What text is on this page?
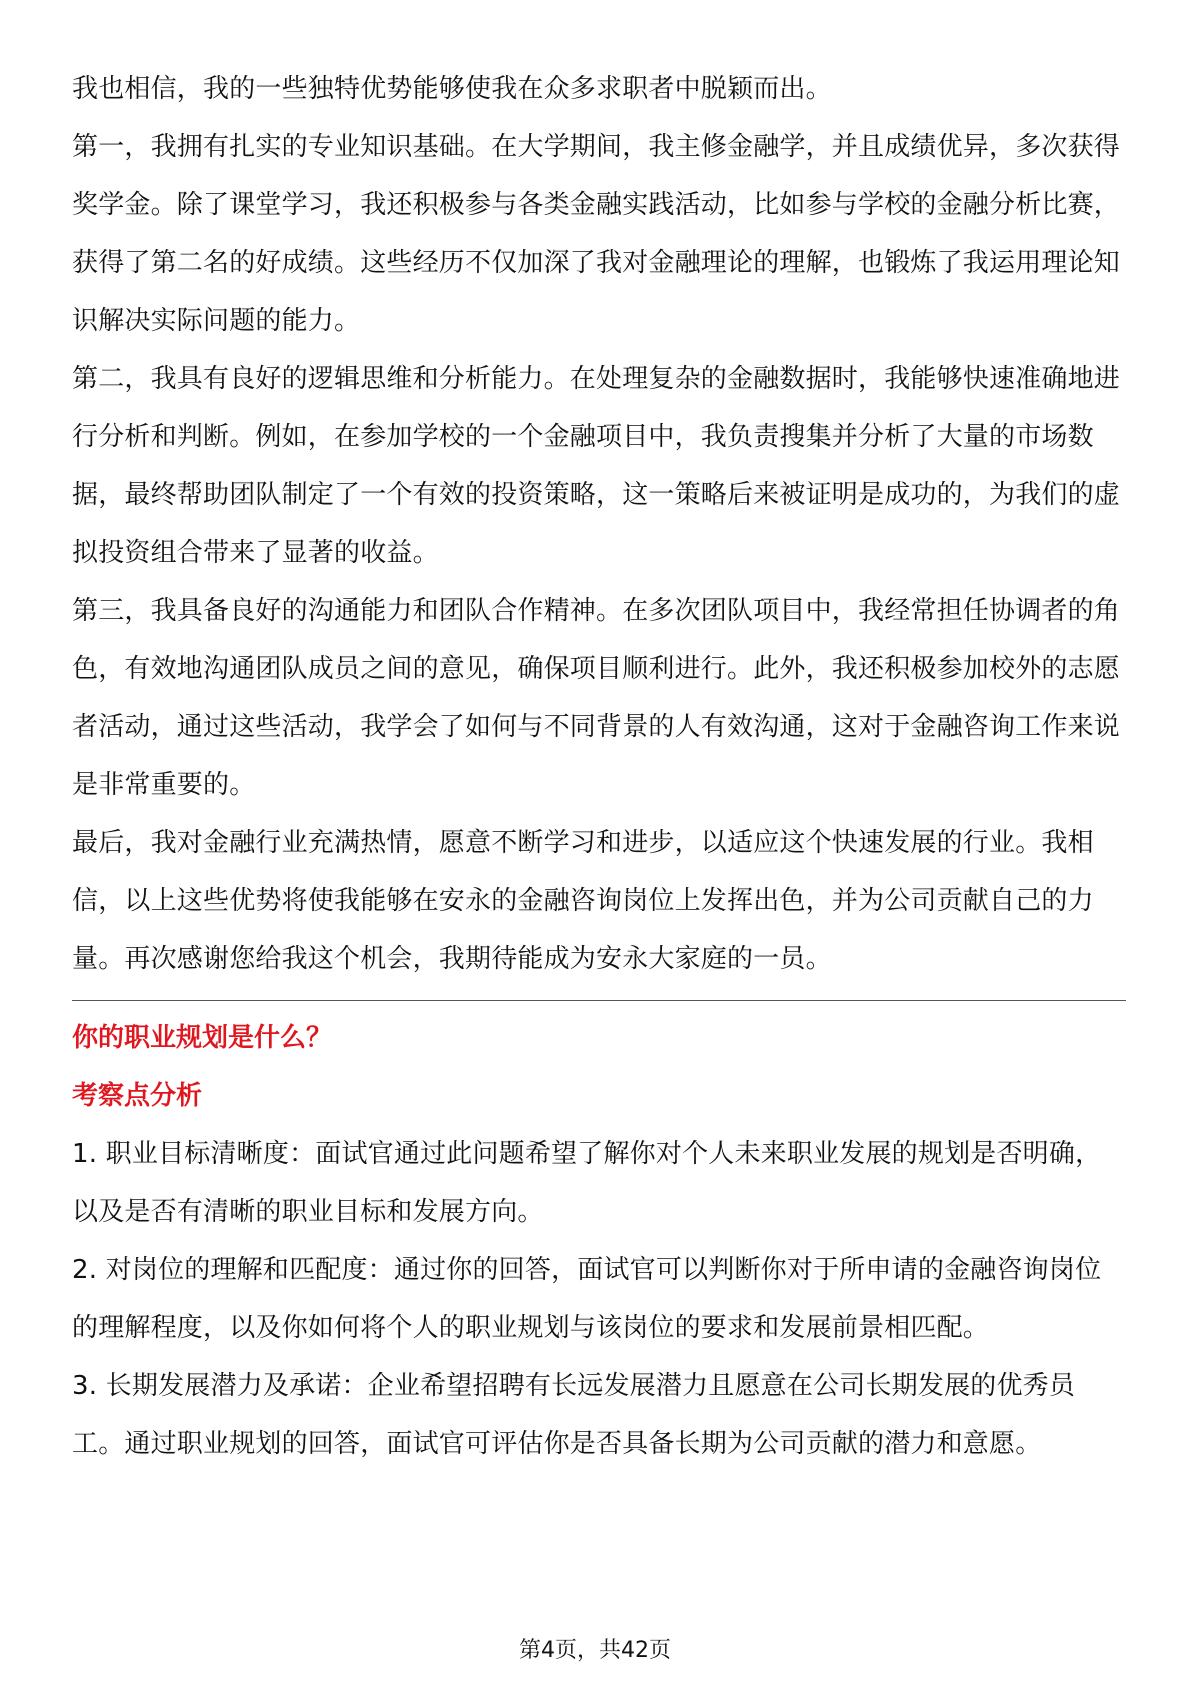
我也相信，我的一些独特优势能够使我在众多求职者中脱颖而出。

第一，我拥有扎实的专业知识基础。在大学期间，我主修金融学，并且成绩优异，多次获得奖学金。除了课堂学习，我还积极参与各类金融实践活动，比如参与学校的金融分析比赛，获得了第二名的好成绩。这些经历不仅加深了我对金融理论的理解，也锻炼了我运用理论知识解决实际问题的能力。

第二，我具有良好的逻辑思维和分析能力。在处理复杂的金融数据时，我能够快速准确地进行分析和判断。例如，在参加学校的一个金融项目中，我负责搜集并分析了大量的市场数据，最终帮助团队制定了一个有效的投资策略，这一策略后来被证明是成功的，为我们的虚拟投资组合带来了显著的收益。

第三，我具备良好的沟通能力和团队合作精神。在多次团队项目中，我经常担任协调者的角色，有效地沟通团队成员之间的意见，确保项目顺利进行。此外，我还积极参加校外的志愿者活动，通过这些活动，我学会了如何与不同背景的人有效沟通，这对于金融咨询工作来说是非常重要的。

最后，我对金融行业充满热情，愿意不断学习和进步，以适应这个快速发展的行业。我相信，以上这些优势将使我能够在安永的金融咨询岗位上发挥出色，并为公司贡献自己的力量。再次感谢您给我这个机会，我期待能成为安永大家庭的一员。

你的职业规划是什么？

考察点分析

1. 职业目标清晰度：面试官通过此问题希望了解你对个人未来职业发展的规划是否明确，以及是否有清晰的职业目标和发展方向。

2. 对岗位的理解和匹配度：通过你的回答，面试官可以判断你对于所申请的金融咨询岗位的理解程度，以及你如何将个人的职业规划与该岗位的要求和发展前景相匹配。

3. 长期发展潜力及承诺：企业希望招聘有长远发展潜力且愿意在公司长期发展的优秀员工。通过职业规划的回答，面试官可评估你是否具备长期为公司贡献的潜力和意愿。

第4页，共42页
